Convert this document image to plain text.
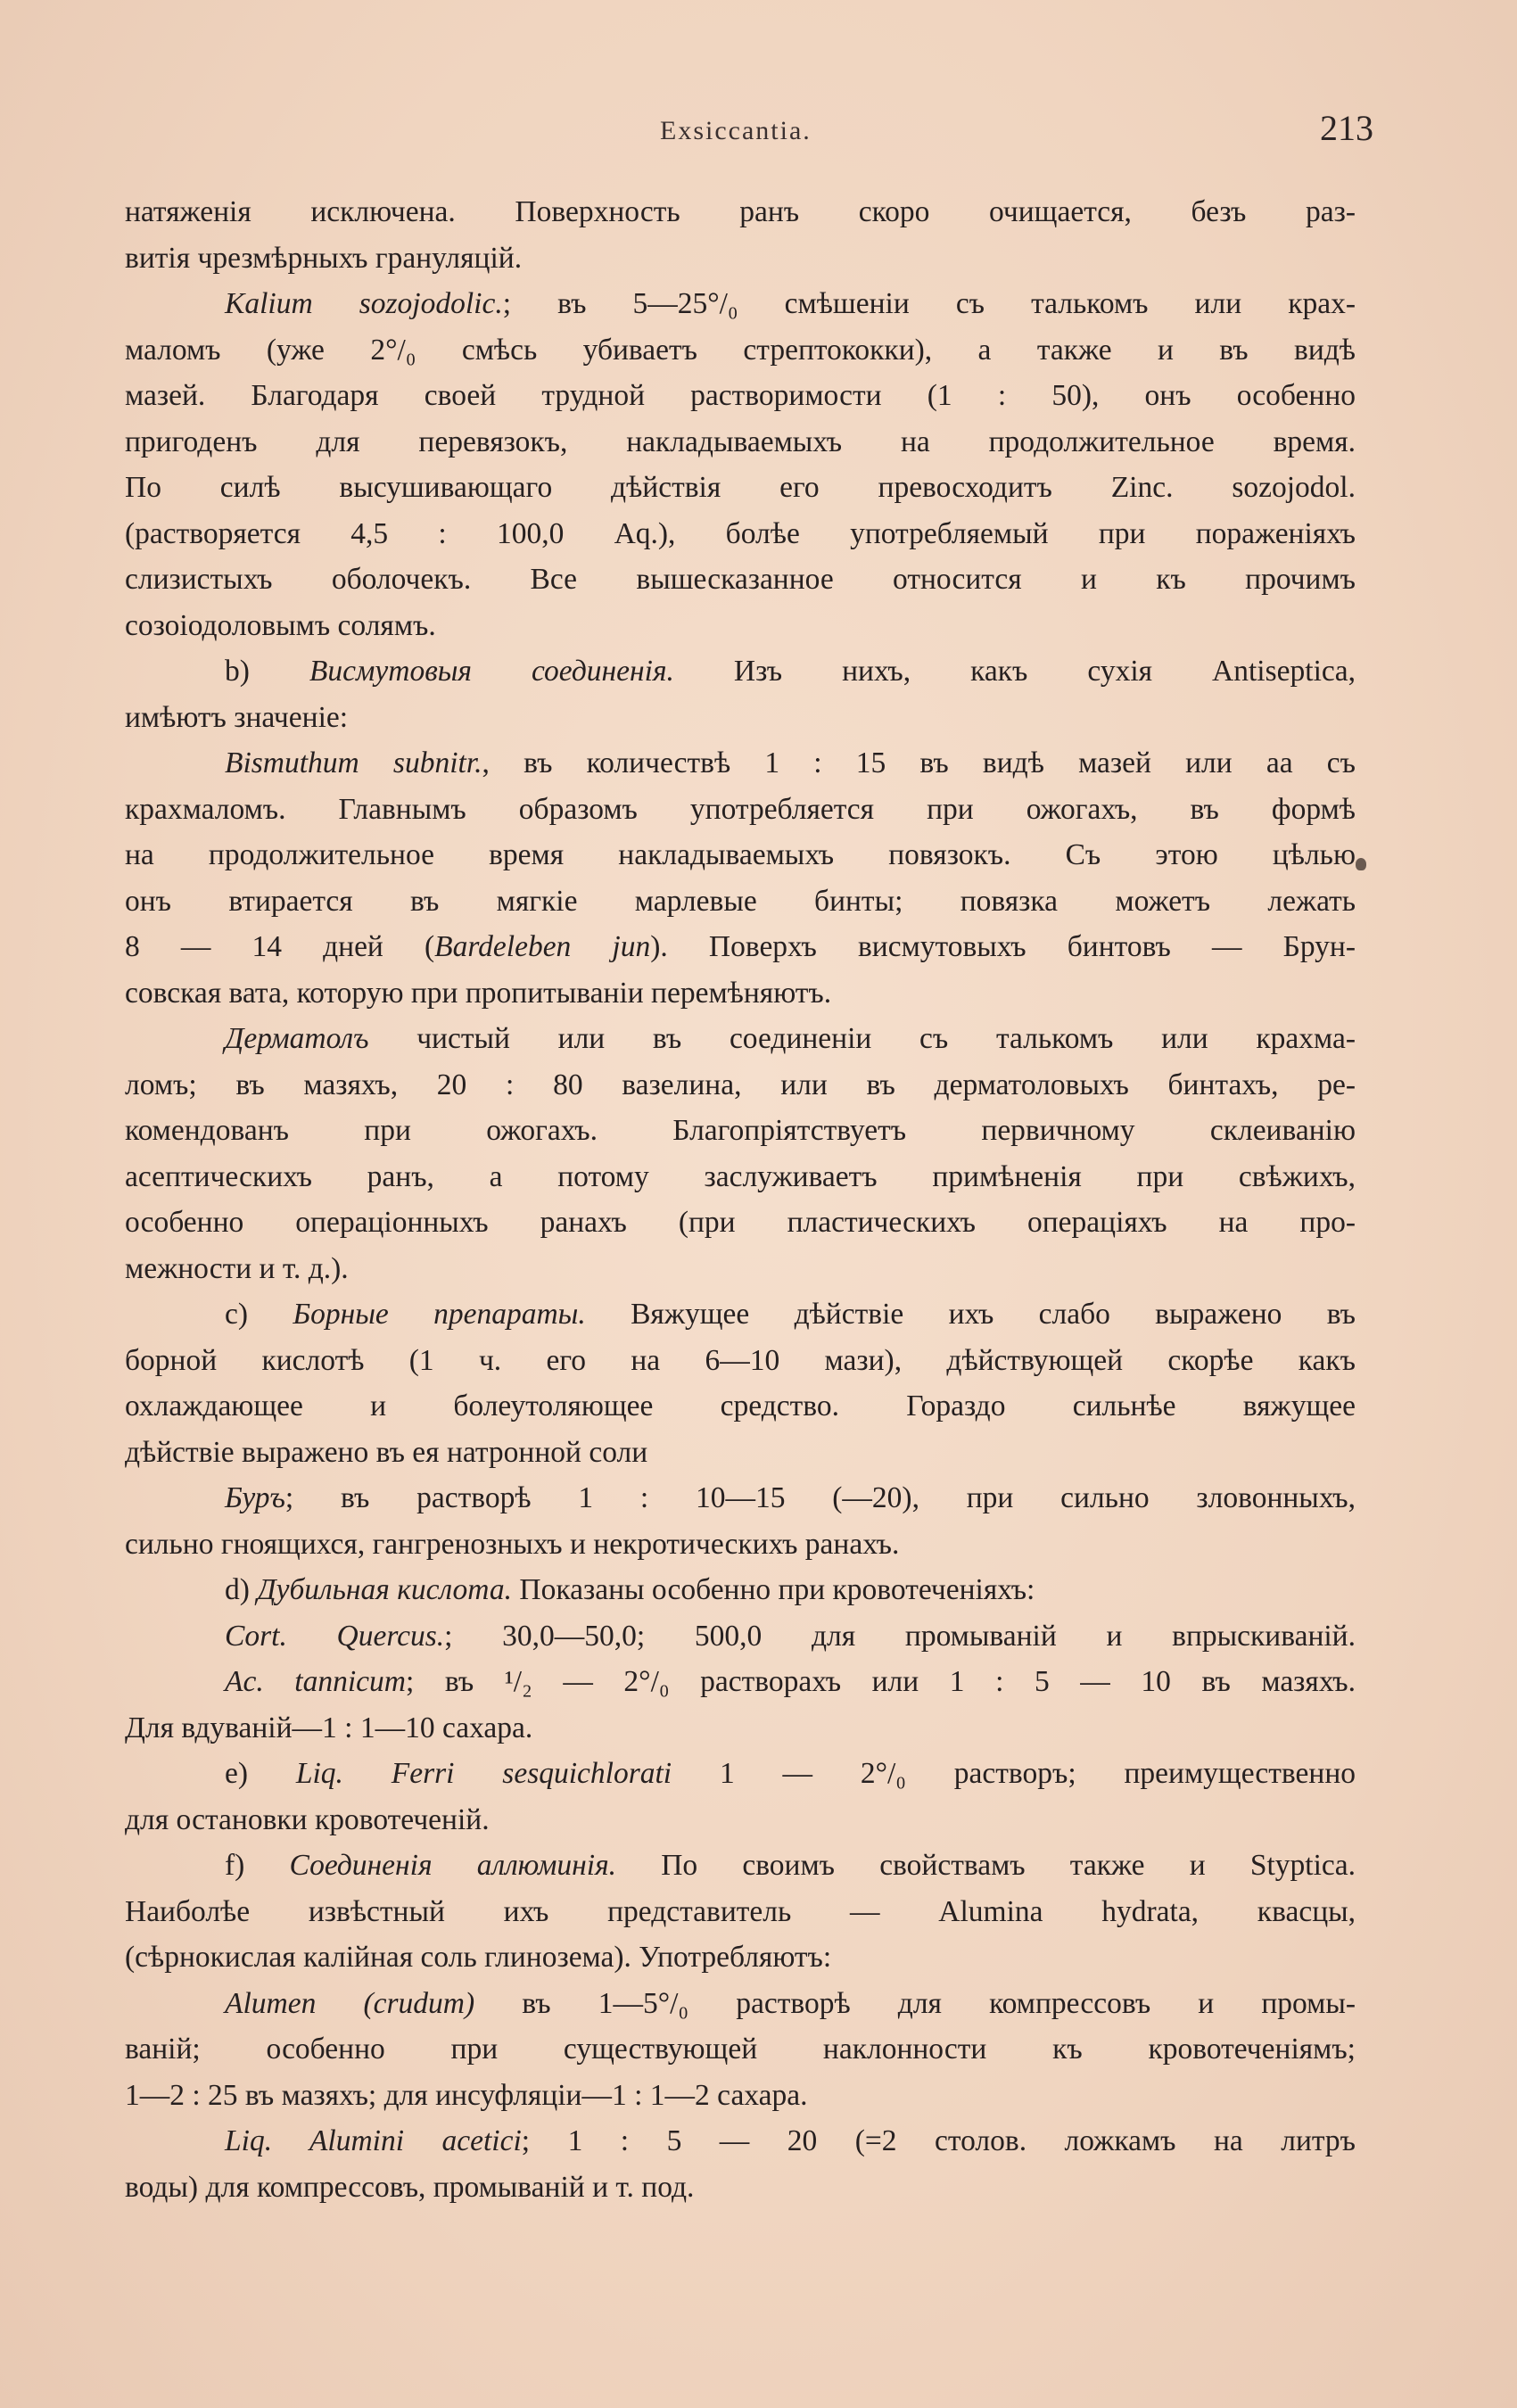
Exsiccantia.	213
натяженія исключена. Поверхность ранъ скоро очищается, безъ раз-
витія чрезмѣрныхъ грануляцій.
Kalium sozojodolic.; въ 5—25°/₀ смѣшеніи съ талькомъ или крах-
маломъ (уже 2°/₀ смѣсь убиваетъ стрептококки), а также и въ видѣ
мазей. Благодаря своей трудной растворимости (1 : 50), онъ особенно
пригоденъ для перевязокъ, накладываемыхъ на продолжительное время.
По силѣ высушивающаго дѣйствія его превосходитъ Zinc. sozojodol.
(растворяется 4,5 : 100,0 Aq.), болѣе употребляемый при пораженіяхъ
слизистыхъ оболочекъ. Все вышесказанное относится и къ прочимъ
созоіодоловымъ солямъ.
b) Висмутовыя соединенія. Изъ нихъ, какъ сухія Antiseptica,
имѣютъ значеніе:
Bismuthum subnitr., въ количествѣ 1 : 15 въ видѣ мазей или aa съ
крахмаломъ. Главнымъ образомъ употребляется при ожогахъ, въ формѣ
на продолжительное время накладываемыхъ повязокъ. Съ этою цѣлью
онъ втирается въ мягкіе марлевые бинты; повязка можетъ лежать
8 — 14 дней (Bardeleben jun). Поверхъ висмутовыхъ бинтовъ — Брун-
совская вата, которую при пропитываніи перемѣняютъ.
Дерматолъ чистый или въ соединеніи съ талькомъ или крахма-
ломъ; въ мазяхъ, 20 : 80 вазелина, или въ дерматоловыхъ бинтахъ, ре-
комендованъ при ожогахъ. Благопріятствуетъ первичному склеиванію
асептическихъ ранъ, а потому заслуживаетъ примѣненія при свѣжихъ,
особенно операціонныхъ ранахъ (при пластическихъ операціяхъ на про-
межности и т. д.).
c) Борные препараты. Вяжущее дѣйствіе ихъ слабо выражено въ
борной кислотѣ (1 ч. его на 6—10 мази), дѣйствующей скорѣе какъ
охлаждающее и болеутоляющее средство. Гораздо сильнѣе вяжущее
дѣйствіе выражено въ ея натронной соли
Буръ; въ растворѣ 1 : 10—15 (—20), при сильно зловонныхъ,
сильно гноящихся, гангренозныхъ и некротическихъ ранахъ.
d) Дубильная кислота. Показаны особенно при кровотеченіяхъ:
Cort. Quercus.; 30,0—50,0; 500,0 для промываній и впрыскиваній.
Ac. tannicum; въ ¹/₂ — 2°/₀ растворахъ или 1 : 5 — 10 въ мазяхъ.
Для вдуваній—1 : 1—10 сахара.
e) Liq. Ferri sesquichlorati 1 — 2°/₀ растворъ; преимущественно
для остановки кровотеченій.
f) Соединенія аллюминія. По своимъ свойствамъ также и Styptica.
Наиболѣе извѣстный ихъ представитель — Alumina hydrata, квасцы,
(сѣрнокислая калійная соль глинозема). Употребляютъ:
Alumen (crudum) въ 1—5°/₀ растворѣ для компрессовъ и промы-
ваній; особенно при существующей наклонности къ кровотеченіямъ;
1—2 : 25 въ мазяхъ; для инсуфляціи—1 : 1—2 сахара.
Liq. Aluminі acetici; 1 : 5 — 20 (=2 столов. ложкамъ на литръ
воды) для компрессовъ, промываній и т. под.
